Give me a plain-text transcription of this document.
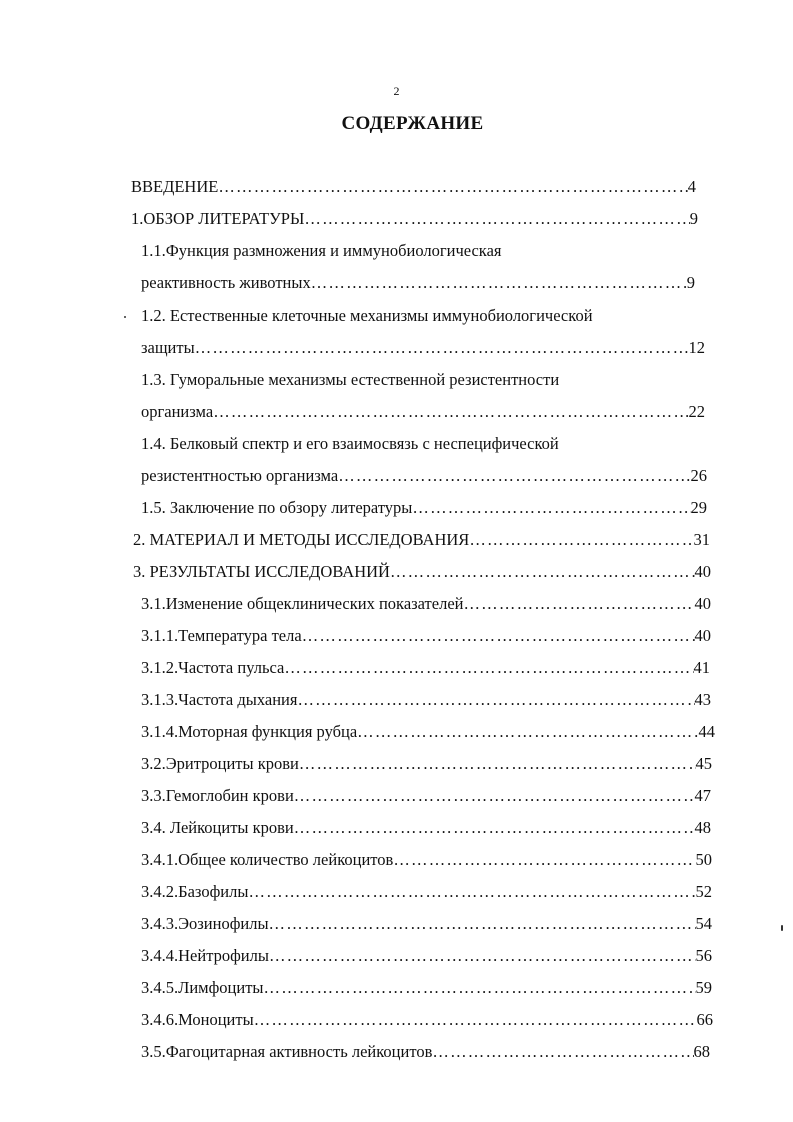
2
СОДЕРЖАНИЕ
ВВЕДЕНИЕ ………………………………………………………………………………………………………………………………………………………………………………………………	4
1.ОБЗОР ЛИТЕРАТУРЫ ………………………………………………………………………………………………………………………………………………………………………………………………	9
1.1.Функция размножения и иммунобиологическая
реактивность животных ………………………………………………………………………………………………………………………………………………………………………………………………	9
1.2. Естественные клеточные механизмы иммунобиологической
защиты ………………………………………………………………………………………………………………………………………………………………………………………………	12
1.3. Гуморальные механизмы естественной резистентности
организма ………………………………………………………………………………………………………………………………………………………………………………………………	22
1.4. Белковый спектр и его взаимосвязь с неспецифической
резистентностью организма ………………………………………………………………………………………………………………………………………………………………………………………………	26
1.5. Заключение по обзору литературы ………………………………………………………………………………………………………………………………………………………………………………………………	29
2. МАТЕРИАЛ И МЕТОДЫ ИССЛЕДОВАНИЯ ………………………………………………………………………………………………………………………………………………………………………………………………	31
3. РЕЗУЛЬТАТЫ ИССЛЕДОВАНИЙ ………………………………………………………………………………………………………………………………………………………………………………………………	40
3.1.Изменение общеклинических показателей ………………………………………………………………………………………………………………………………………………………………………………………………	40
3.1.1.Температура тела ………………………………………………………………………………………………………………………………………………………………………………………………	40
3.1.2.Частота пульса ………………………………………………………………………………………………………………………………………………………………………………………………	41
3.1.3.Частота дыхания ………………………………………………………………………………………………………………………………………………………………………………………………	43
3.1.4.Моторная функция рубца ………………………………………………………………………………………………………………………………………………………………………………………………	44
3.2.Эритроциты крови ………………………………………………………………………………………………………………………………………………………………………………………………	45
3.3.Гемоглобин крови ………………………………………………………………………………………………………………………………………………………………………………………………	47
3.4. Лейкоциты крови ………………………………………………………………………………………………………………………………………………………………………………………………	48
3.4.1.Общее количество лейкоцитов ………………………………………………………………………………………………………………………………………………………………………………………………	50
3.4.2.Базофилы ………………………………………………………………………………………………………………………………………………………………………………………………	52
3.4.3.Эозинофилы ………………………………………………………………………………………………………………………………………………………………………………………………	54
3.4.4.Нейтрофилы ………………………………………………………………………………………………………………………………………………………………………………………………	56
3.4.5.Лимфоциты ………………………………………………………………………………………………………………………………………………………………………………………………	59
3.4.6.Моноциты ………………………………………………………………………………………………………………………………………………………………………………………………	66
3.5.Фагоцитарная активность лейкоцитов ………………………………………………………………………………………………………………………………………………………………………………………………	68
